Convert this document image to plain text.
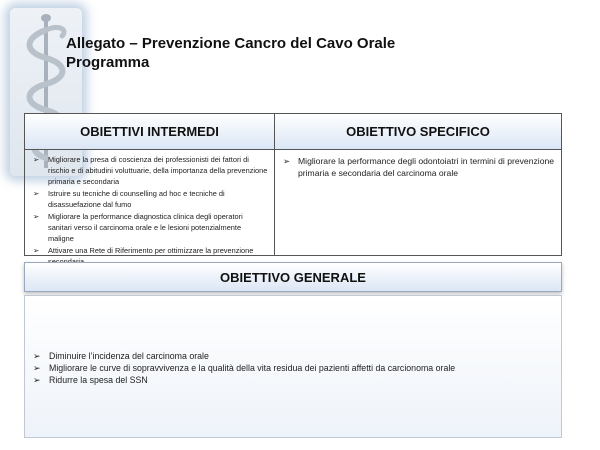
Allegato – Prevenzione Cancro del Cavo Orale
Programma
OBIETTIVI INTERMEDI
➢ Migliorare la presa di coscienza dei professionisti dei fattori di rischio e di abitudini voluttuarie, della importanza della prevenzione primaria e secondaria
➢ Istruire su tecniche di counselling ad hoc e tecniche di disassuefazione dal fumo
➢ Migliorare la performance diagnostica clinica degli operatori sanitari verso il carcinoma orale e le lesioni potenzialmente maligne
➢ Attivare una Rete di Riferimento per ottimizzare la prevenzione
OBIETTIVO SPECIFICO
➢ Migliorare la performance degli odontoiatri in termini di prevenzione primaria e secondaria del carcinoma orale
OBIETTIVO GENERALE
➢ Diminuire l’incidenza del carcinoma orale
➢ Migliorare le curve di sopravvivenza e la qualità della vita residua dei pazienti affetti da carcionoma orale
➢ Ridurre la spesa del SSN
